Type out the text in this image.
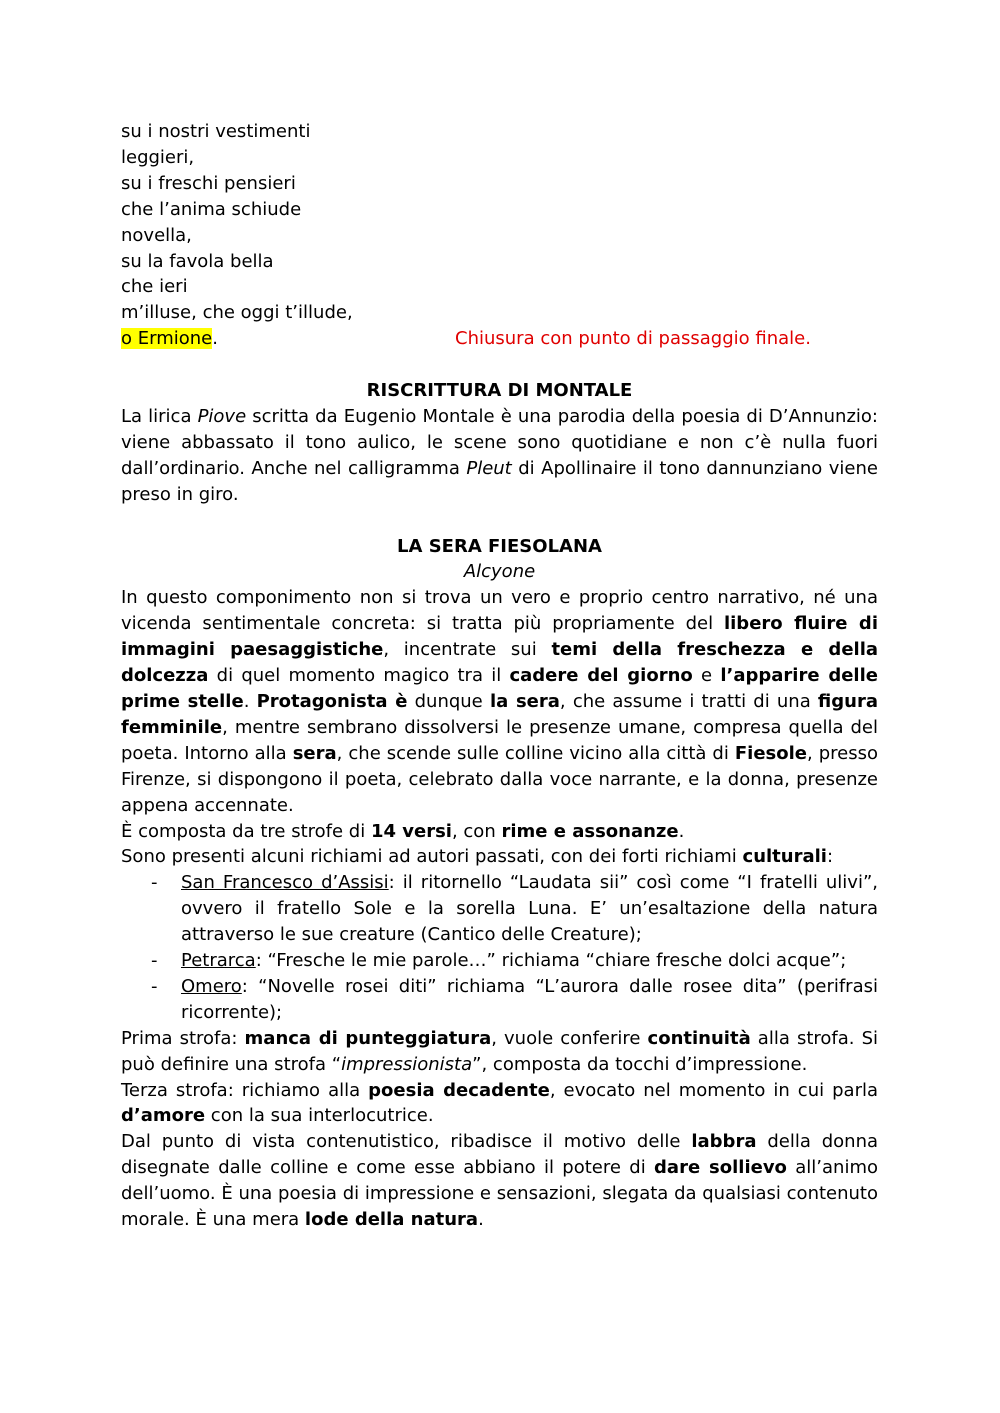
su i nostri vestimenti
leggieri,
su i freschi pensieri
che l’anima schiude
novella,
su la favola bella
che ieri
m’illuse, che oggi t’illude,
o Ermione.	Chiusura con punto di passaggio finale.
RISCRITTURA DI MONTALE
La lirica Piove scritta da Eugenio Montale è una parodia della poesia di D’Annunzio: viene abbassato il tono aulico, le scene sono quotidiane e non c’è nulla fuori dall’ordinario. Anche nel calligramma Pleut di Apollinaire il tono dannunziano viene preso in giro.
LA SERA FIESOLANA
Alcyone
In questo componimento non si trova un vero e proprio centro narrativo, né una vicenda sentimentale concreta: si tratta più propriamente del libero fluire di immagini paesaggistiche, incentrate sui temi della freschezza e della dolcezza di quel momento magico tra il cadere del giorno e l’apparire delle prime stelle. Protagonista è dunque la sera, che assume i tratti di una figura femminile, mentre sembrano dissolversi le presenze umane, compresa quella del poeta. Intorno alla sera, che scende sulle colline vicino alla città di Fiesole, presso Firenze, si dispongono il poeta, celebrato dalla voce narrante, e la donna, presenze appena accennate.
È composta da tre strofe di 14 versi, con rime e assonanze.
Sono presenti alcuni richiami ad autori passati, con dei forti richiami culturali:
- San Francesco d’Assisi: il ritornello “Laudata sii” così come “I fratelli ulivi”, ovvero il fratello Sole e la sorella Luna. E’ un’esaltazione della natura attraverso le sue creature (Cantico delle Creature);
- Petrarca: “Fresche le mie parole…” richiama “chiare fresche dolci acque”;
- Omero: “Novelle rosei diti” richiama “L’aurora dalle rosee dita” (perifrasi ricorrente);
Prima strofa: manca di punteggiatura, vuole conferire continuità alla strofa. Si può definire una strofa “impressionista”, composta da tocchi d’impressione.
Terza strofa: richiamo alla poesia decadente, evocato nel momento in cui parla d’amore con la sua interlocutrice.
Dal punto di vista contenutistico, ribadisce il motivo delle labbra della donna disegnate dalle colline e come esse abbiano il potere di dare sollievo all’animo dell’uomo. È una poesia di impressione e sensazioni, slegata da qualsiasi contenuto morale. È una mera lode della natura.
